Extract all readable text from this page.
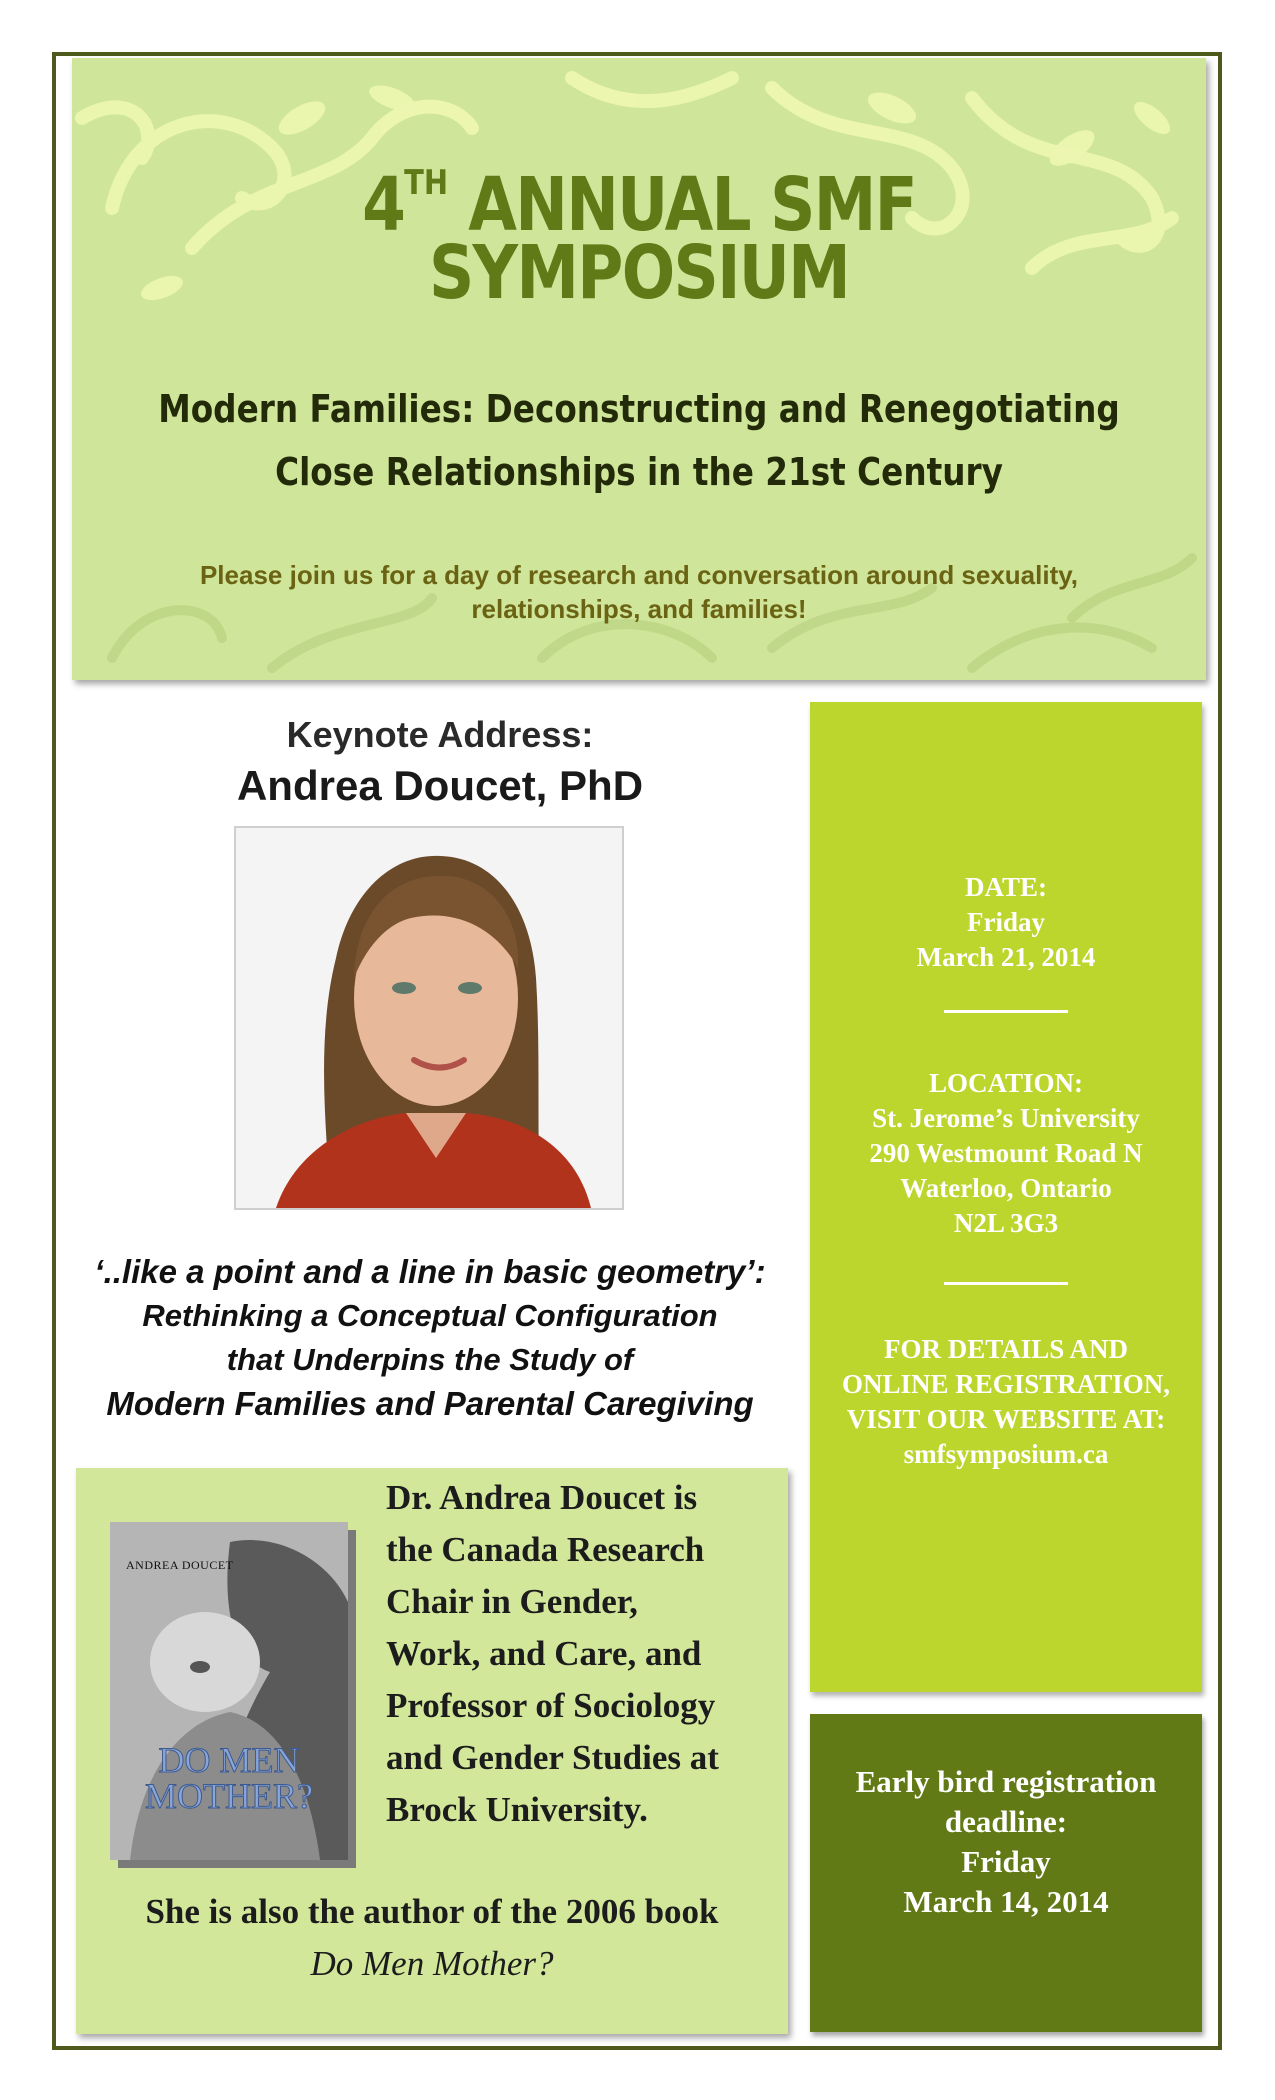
4TH ANNUAL SMF
SYMPOSIUM
Modern Families: Deconstructing and Renegotiating
Close Relationships in the 21st Century
Please join us for a day of research and conversation around sexuality,
relationships, and families!
Keynote Address:
Andrea Doucet, PhD
‘..like a point and a line in basic geometry’:
Rethinking a Conceptual Configuration
that Underpins the Study of
Modern Families and Parental Caregiving
ANDREA DOUCET
DO MEN
MOTHER?
Dr. Andrea Doucet is
the Canada Research
Chair in Gender,
Work, and Care, and
Professor of Sociology
and Gender Studies at
Brock University.
She is also the author of the 2006 book
Do Men Mother?
DATE:
Friday
March 21, 2014
LOCATION:
St. Jerome’s University
290 Westmount Road N
Waterloo, Ontario
N2L 3G3
FOR DETAILS AND
ONLINE REGISTRATION,
VISIT OUR WEBSITE AT:
smfsymposium.ca
Early bird registration
deadline:
Friday
March 14, 2014
